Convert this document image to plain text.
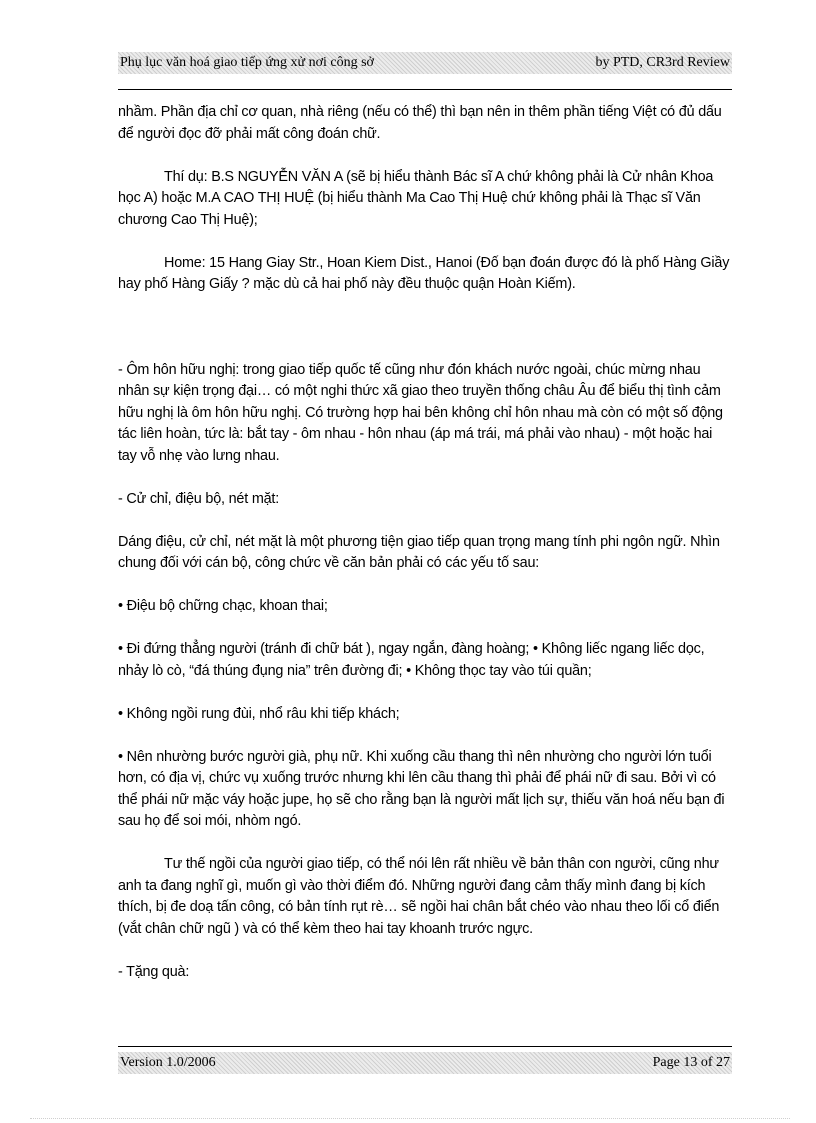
Phụ lục văn hoá giao tiếp ứng xử nơi công sở	by PTD, CR3rd Review

nhầm. Phần địa chỉ cơ quan, nhà riêng (nếu có thể) thì bạn nên in thêm phần tiếng Việt có đủ dấu để người đọc đỡ phải mất công đoán chữ.

Thí dụ: B.S NGUYỄN VĂN A (sẽ bị hiểu thành Bác sĩ A chứ không phải là Cử nhân Khoa học A) hoặc M.A CAO THỊ HUỆ (bị hiểu thành Ma Cao Thị Huệ chứ không phải là Thạc sĩ Văn chương Cao Thị Huệ);

Home: 15 Hang Giay Str., Hoan Kiem Dist., Hanoi (Đố bạn đoán được đó là phố Hàng Giầy hay phố Hàng Giấy ? mặc dù cả hai phố này đều thuộc quận Hoàn Kiếm).

- Ôm hôn hữu nghị: trong giao tiếp quốc tế cũng như đón khách nước ngoài, chúc mừng nhau nhân sự kiện trọng đại… có một nghi thức xã giao theo truyền thống châu Âu để biểu thị tình cảm hữu nghị là ôm hôn hữu nghị. Có trường hợp hai bên không chỉ hôn nhau mà còn có một số động tác liên hoàn, tức là: bắt tay - ôm nhau - hôn nhau (áp má trái, má phải vào nhau) - một hoặc hai tay vỗ nhẹ vào lưng nhau.

- Cử chỉ, điệu bộ, nét mặt:

Dáng điệu, cử chỉ, nét mặt là một phương tiện giao tiếp quan trọng mang tính phi ngôn ngữ. Nhìn chung đối với cán bộ, công chức về căn bản phải có các yếu tố sau:

• Điệu bộ chững chạc, khoan thai;

• Đi đứng thẳng người (tránh đi chữ bát ), ngay ngắn, đàng hoàng; • Không liếc ngang liếc dọc, nhảy lò cò, “đá thúng đụng nia” trên đường đi; • Không thọc tay vào túi quần;

• Không ngồi rung đùi, nhổ râu khi tiếp khách;

• Nên nhường bước người già, phụ nữ. Khi xuống cầu thang thì nên nhường cho người lớn tuổi hơn, có địa vị, chức vụ xuống trước nhưng khi lên cầu thang thì phải để phái nữ đi sau. Bởi vì có thể phái nữ mặc váy hoặc jupe, họ sẽ cho rằng bạn là người mất lịch sự, thiếu văn hoá nếu bạn đi sau họ để soi mói, nhòm ngó.

Tư thế ngồi của người giao tiếp, có thể nói lên rất nhiều về bản thân con người, cũng như anh ta đang nghĩ gì, muốn gì vào thời điểm đó. Những người đang cảm thấy mình đang bị kích thích, bị đe doạ tấn công, có bản tính rụt rè… sẽ ngồi hai chân bắt chéo vào nhau theo lối cổ điển (vắt chân chữ ngũ ) và có thể kèm theo hai tay khoanh trước ngực.

- Tặng quà:

Version 1.0/2006	Page 13 of 27
